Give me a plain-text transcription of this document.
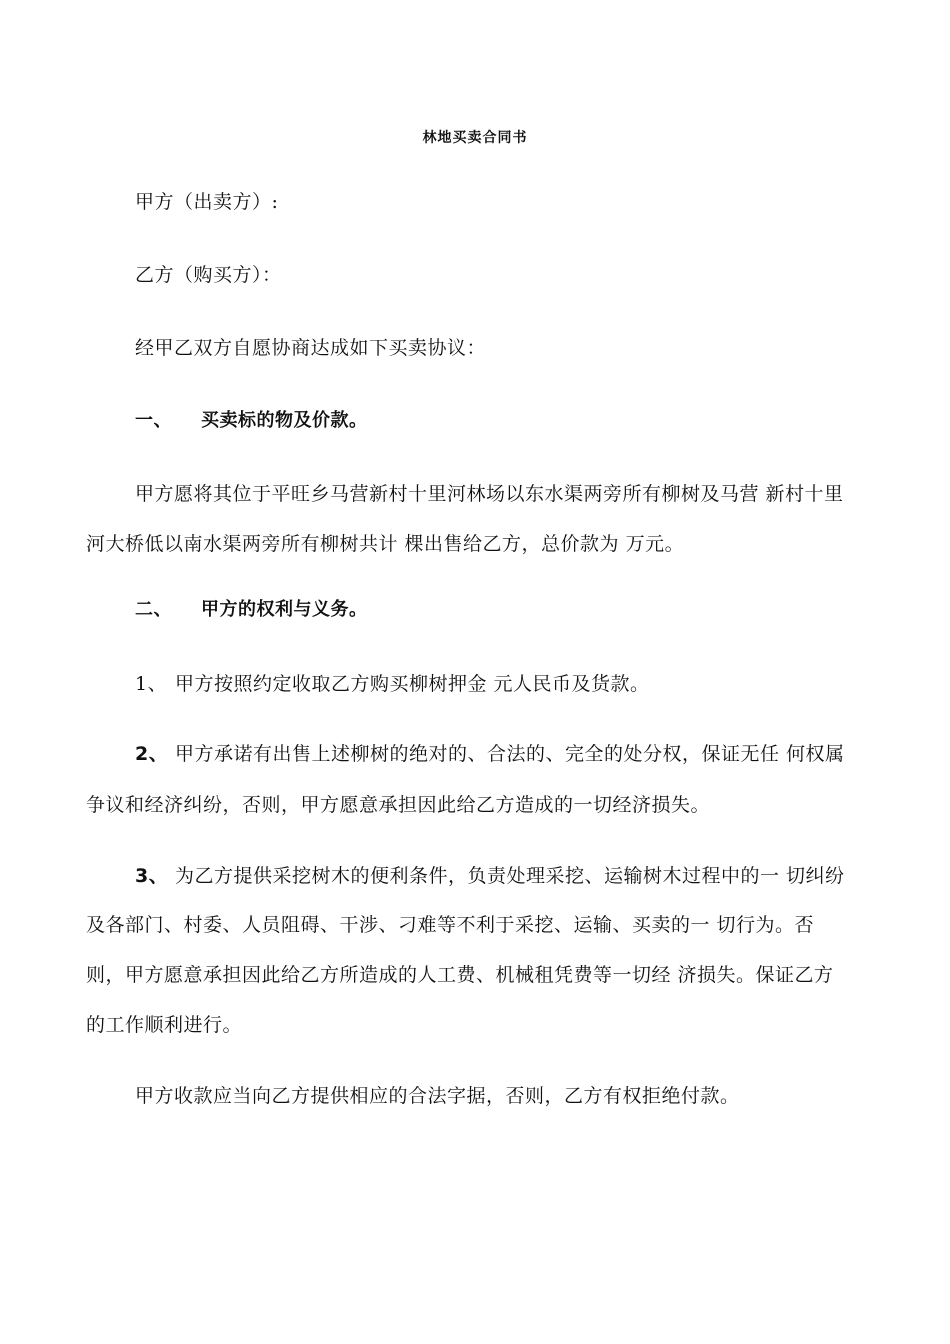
林地买卖合同书
甲方（出卖方）:
乙方（购买方）：
经甲乙双方自愿协商达成如下买卖协议：
一、 买卖标的物及价款。
甲方愿将其位于平旺乡马营新村十里河林场以东水渠两旁所有柳树及马营 新村十里
河大桥低以南水渠两旁所有柳树共计 棵出售给乙方，总价款为 万元。
二、 甲方的权利与义务。
1、 甲方按照约定收取乙方购买柳树押金 元人民币及货款。
2、 甲方承诺有出售上述柳树的绝对的、合法的、完全的处分权，保证无任 何权属
争议和经济纠纷，否则，甲方愿意承担因此给乙方造成的一切经济损失。
3、 为乙方提供采挖树木的便利条件，负责处理采挖、运输树木过程中的一 切纠纷
及各部门、村委、人员阻碍、干涉、刁难等不利于采挖、运输、买卖的一 切行为。否
则，甲方愿意承担因此给乙方所造成的人工费、机械租凭费等一切经 济损失。保证乙方
的工作顺利进行。
甲方收款应当向乙方提供相应的合法字据，否则，乙方有权拒绝付款。
